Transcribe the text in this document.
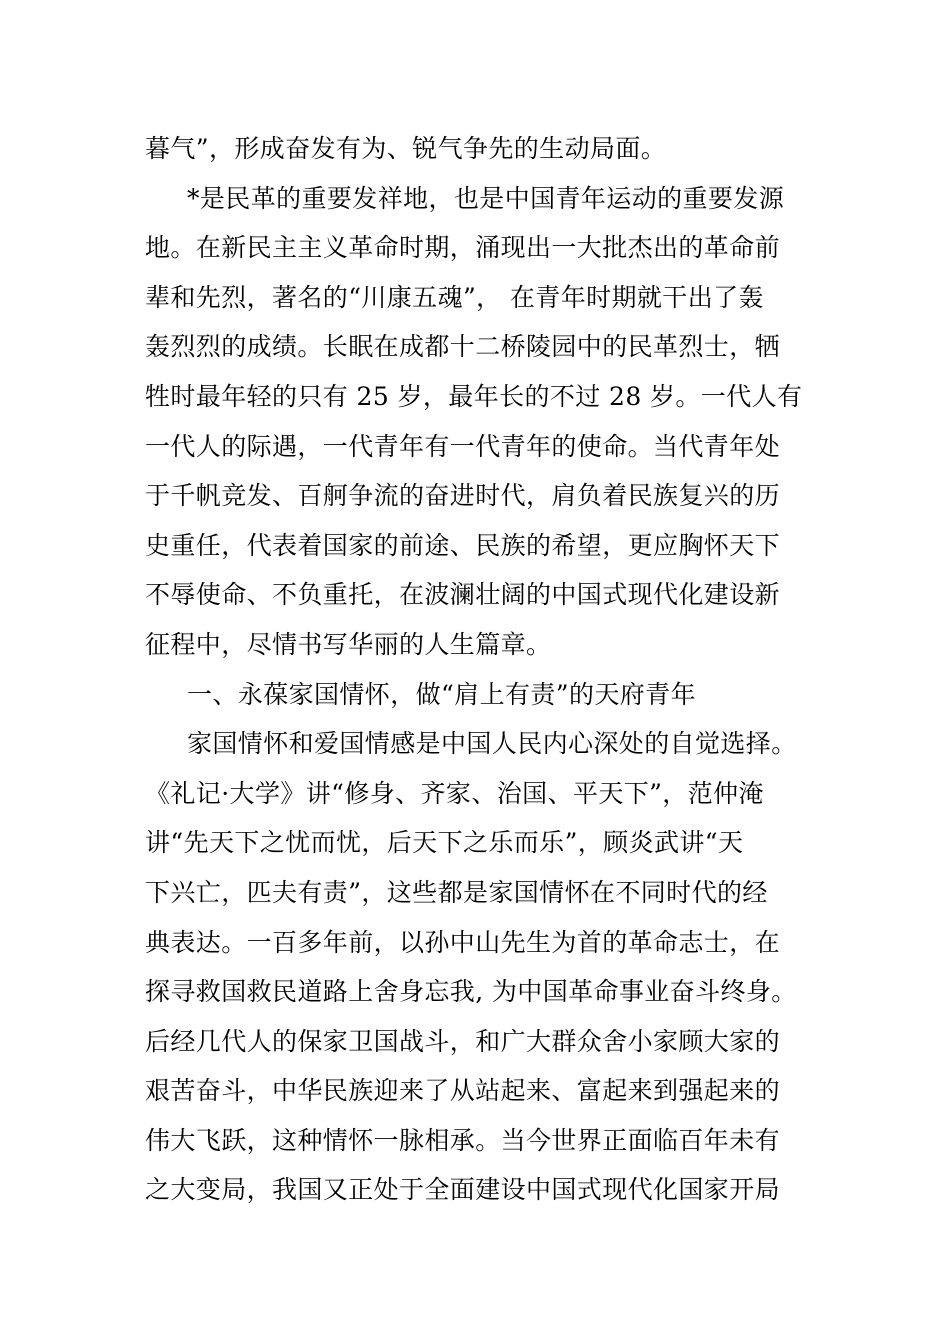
暮气”，形成奋发有为、锐气争先的生动局面。
*是民革的重要发祥地，也是中国青年运动的重要发源
地。在新民主主义革命时期，涌现出一大批杰出的革命前
辈和先烈，著名的“川康五魂”， 在青年时期就干出了轰
轰烈烈的成绩。长眠在成都十二桥陵园中的民革烈士，牺
牲时最年轻的只有 25 岁，最年长的不过 28 岁。一代人有
一代人的际遇，一代青年有一代青年的使命。当代青年处
于千帆竞发、百舸争流的奋进时代，肩负着民族复兴的历
史重任，代表着国家的前途、民族的希望，更应胸怀天下
不辱使命、不负重托，在波澜壮阔的中国式现代化建设新
征程中，尽情书写华丽的人生篇章。
一、永葆家国情怀，做“肩上有责”的天府青年
家国情怀和爱国情感是中国人民内心深处的自觉选择。
《礼记·大学》讲“修身、齐家、治国、平天下”，范仲淹
讲“先天下之忧而忧，后天下之乐而乐”，顾炎武讲“天
下兴亡，匹夫有责”，这些都是家国情怀在不同时代的经
典表达。一百多年前，以孙中山先生为首的革命志士，在
探寻救国救民道路上舍身忘我, 为中国革命事业奋斗终身。
后经几代人的保家卫国战斗，和广大群众舍小家顾大家的
艰苦奋斗，中华民族迎来了从站起来、富起来到强起来的
伟大飞跃，这种情怀一脉相承。当今世界正面临百年未有
之大变局，我国又正处于全面建设中国式现代化国家开局
